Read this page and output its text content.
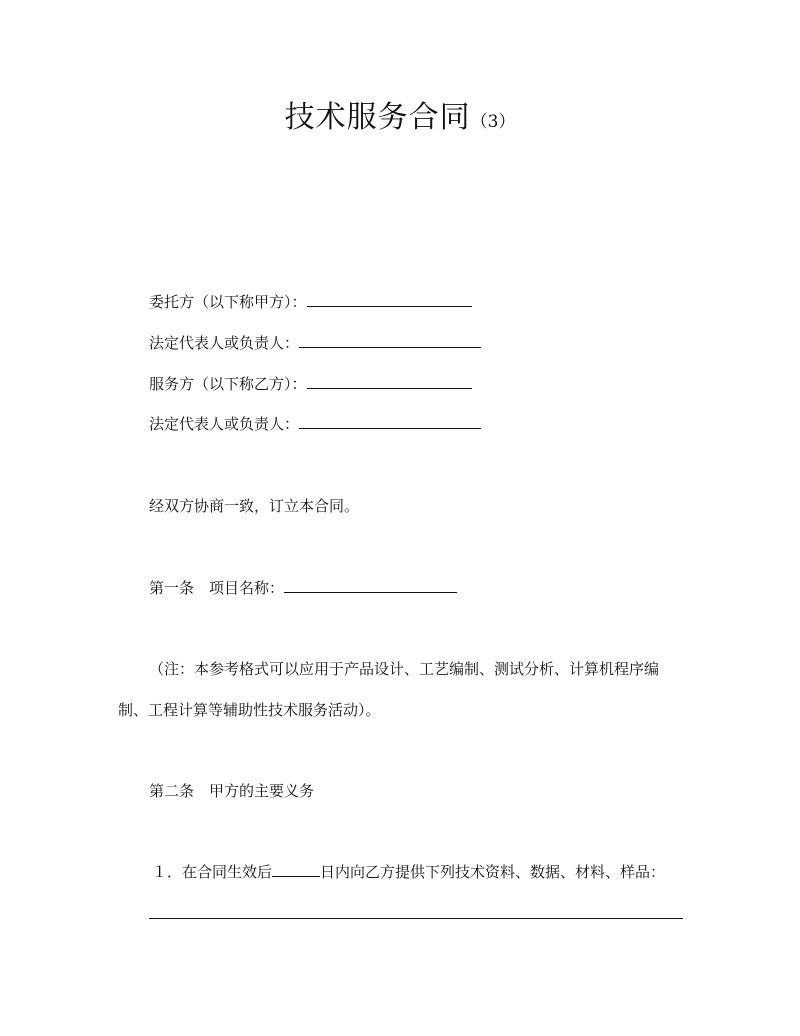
技术服务合同（3）
委托方（以下称甲方）：
法定代表人或负责人：
服务方（以下称乙方）：
法定代表人或负责人：
经双方协商一致，订立本合同。
第一条　项目名称：
（注：本参考格式可以应用于产品设计、工艺编制、测试分析、计算机程序编
制、工程计算等辅助性技术服务活动）。
第二条　甲方的主要义务
１．在合同生效后	日内向乙方提供下列技术资料、数据、材料、样品：
